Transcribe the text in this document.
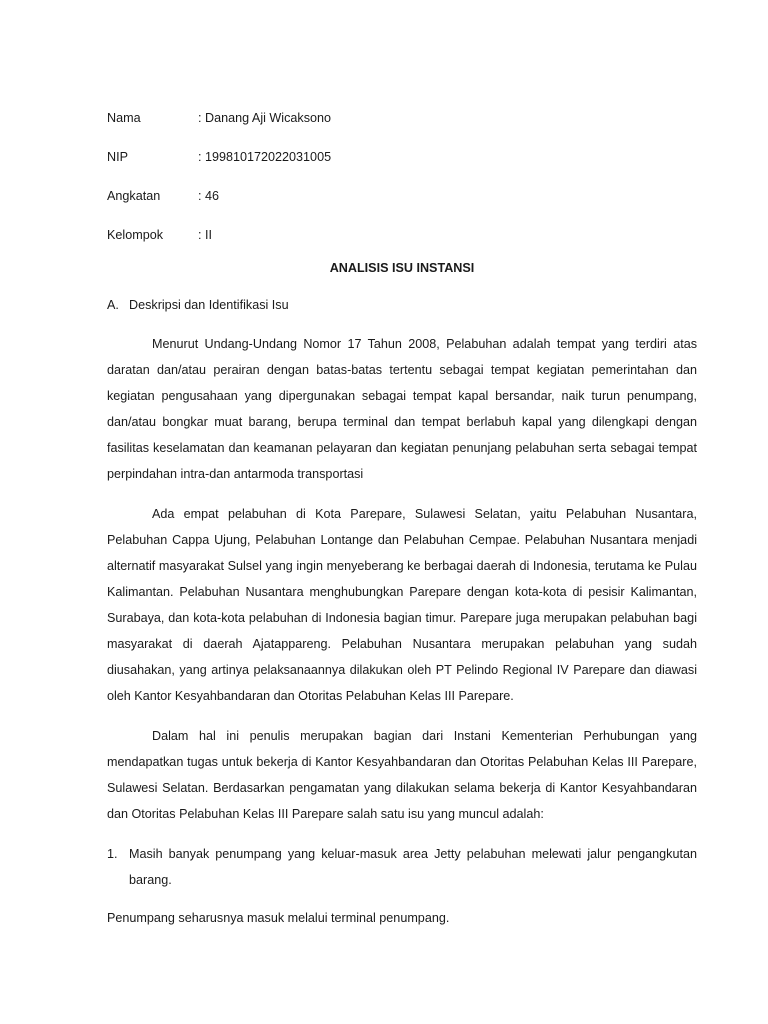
Nama	: Danang Aji Wicaksono
NIP	: 199810172022031005
Angkatan	: 46
Kelompok	: II
ANALISIS ISU INSTANSI
A. Deskripsi dan Identifikasi Isu

Menurut Undang-Undang Nomor 17 Tahun 2008, Pelabuhan adalah tempat yang terdiri atas daratan dan/atau perairan dengan batas-batas tertentu sebagai tempat kegiatan pemerintahan dan kegiatan pengusahaan yang dipergunakan sebagai tempat kapal bersandar, naik turun penumpang, dan/atau bongkar muat barang, berupa terminal dan tempat berlabuh kapal yang dilengkapi dengan fasilitas keselamatan dan keamanan pelayaran dan kegiatan penunjang pelabuhan serta sebagai tempat perpindahan intra-dan antarmoda transportasi

Ada empat pelabuhan di Kota Parepare, Sulawesi Selatan, yaitu Pelabuhan Nusantara, Pelabuhan Cappa Ujung, Pelabuhan Lontange dan Pelabuhan Cempae. Pelabuhan Nusantara menjadi alternatif masyarakat Sulsel yang ingin menyeberang ke berbagai daerah di Indonesia, terutama ke Pulau Kalimantan. Pelabuhan Nusantara menghubungkan Parepare dengan kota-kota di pesisir Kalimantan, Surabaya, dan kota-kota pelabuhan di Indonesia bagian timur. Parepare juga merupakan pelabuhan bagi masyarakat di daerah Ajatappareng. Pelabuhan Nusantara merupakan pelabuhan yang sudah diusahakan, yang artinya pelaksanaannya dilakukan oleh PT Pelindo Regional IV Parepare dan diawasi oleh Kantor Kesyahbandaran dan Otoritas Pelabuhan Kelas III Parepare.

Dalam hal ini penulis merupakan bagian dari Instani Kementerian Perhubungan yang mendapatkan tugas untuk bekerja di Kantor Kesyahbandaran dan Otoritas Pelabuhan Kelas III Parepare, Sulawesi Selatan. Berdasarkan pengamatan yang dilakukan selama bekerja di Kantor Kesyahbandaran dan Otoritas Pelabuhan Kelas III Parepare salah satu isu yang muncul adalah:

1. Masih banyak penumpang yang keluar-masuk area Jetty pelabuhan melewati jalur pengangkutan barang.
Penumpang seharusnya masuk melalui terminal penumpang.
